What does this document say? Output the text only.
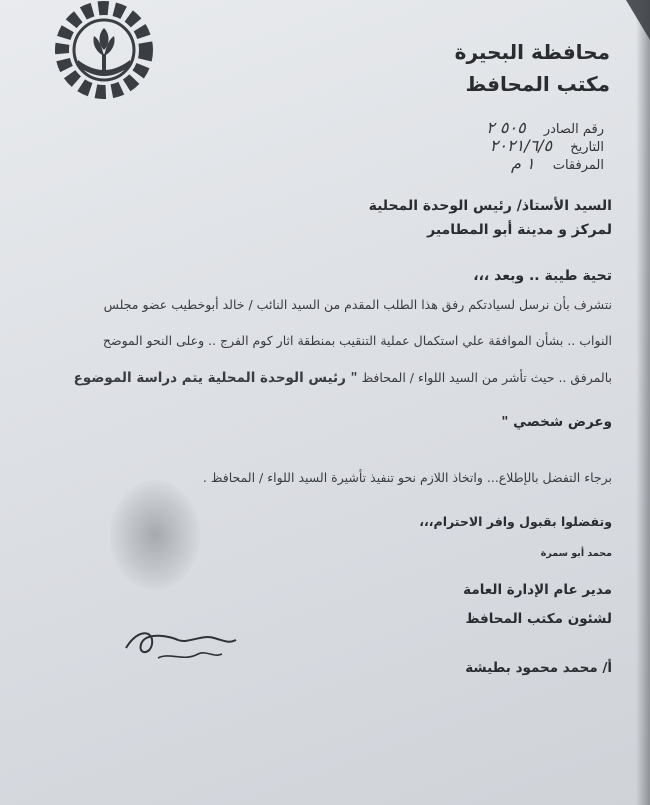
محافظة البحيرة
مكتب المحافظ
رقم الصادر ٥٠٥ ٢
التاريخ ٢٠٢١/٦/٥
المرفقات ١ م
السيد الأستاذ/ رئيس الوحدة المحلية
لمركز و مدينة أبو المطامير
تحية طيبة .. وبعد ،،،
نتشرف بأن نرسل لسيادتكم رفق هذا الطلب المقدم من السيد النائب / خالد أبوخطيب عضو مجلس
النواب .. بشأن الموافقة علي استكمال عملية التنقيب بمنطقة اثار كوم الفرج .. وعلى النحو الموضح
بالمرفق .. حيث تأشر من السيد اللواء / المحافظ " رئيس الوحدة المحلية يتم دراسة الموضوع
وعرض شخصي "
برجاء التفضل بالإطلاع... واتخاذ اللازم نحو تنفيذ تأشيرة السيد اللواء / المحافظ .
وتفضلوا بقبول وافر الاحترام،،،
محمد أبو سمرة
مدير عام الإدارة العامة
لشئون مكتب المحافظ
أ/ محمد محمود بطيشة
